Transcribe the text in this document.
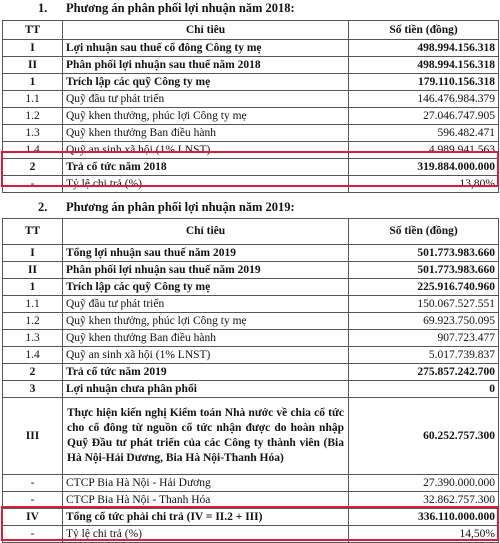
1. Phương án phân phối lợi nhuận năm 2018:
TT	Chỉ tiêu	Số tiền (đồng)
I	Lợi nhuận sau thuế cổ đông Công ty mẹ	498.994.156.318
II	Phân phối lợi nhuận sau thuế năm 2018	498.994.156.318
1	Trích lập các quỹ Công ty mẹ	179.110.156.318
1.1	Quỹ đầu tư phát triển	146.476.984.379
1.2	Quỹ khen thưởng, phúc lợi Công ty mẹ	27.046.747.905
1.3	Quỹ khen thưởng Ban điều hành	596.482.471
1.4	Quỹ an sinh xã hội (1% LNST)	4.989.941.563
2	Trả cổ tức năm 2018	319.884.000.000
-	Tỷ lệ chi trả (%)	13,80%
2. Phương án phân phối lợi nhuận năm 2019:
TT	Chỉ tiêu	Số tiền (đồng)
I	Tổng lợi nhuận sau thuế năm 2019	501.773.983.660
II	Phân phối lợi nhuận sau thuế năm 2019	501.773.983.660
1	Trích lập các quỹ Công ty mẹ	225.916.740.960
1.1	Quỹ đầu tư phát triển	150.067.527.551
1.2	Quỹ khen thưởng, phúc lợi Công ty mẹ	69.923.750.095
1.3	Quỹ khen thưởng Ban điều hành	907.723.477
1.4	Quỹ an sinh xã hội (1% LNST)	5.017.739.837
2	Trả cổ tức năm 2019	275.857.242.700
3	Lợi nhuận chưa phân phối	0
III	Thực hiện kiến nghị Kiểm toán Nhà nước về chia cổ tức cho cổ đông từ nguồn cổ tức nhận được do hoàn nhập Quỹ Đầu tư phát triển của các Công ty thành viên (Bia Hà Nội-Hải Dương, Bia Hà Nội-Thanh Hóa)	60.252.757.300
-	CTCP Bia Hà Nội - Hải Dương	27.390.000.000
-	CTCP Bia Hà Nội - Thanh Hóa	32.862.757.300
IV	Tổng cổ tức phải chi trả (IV = II.2 + III)	336.110.000.000
-	Tỷ lệ chi trả (%)	14,50%
